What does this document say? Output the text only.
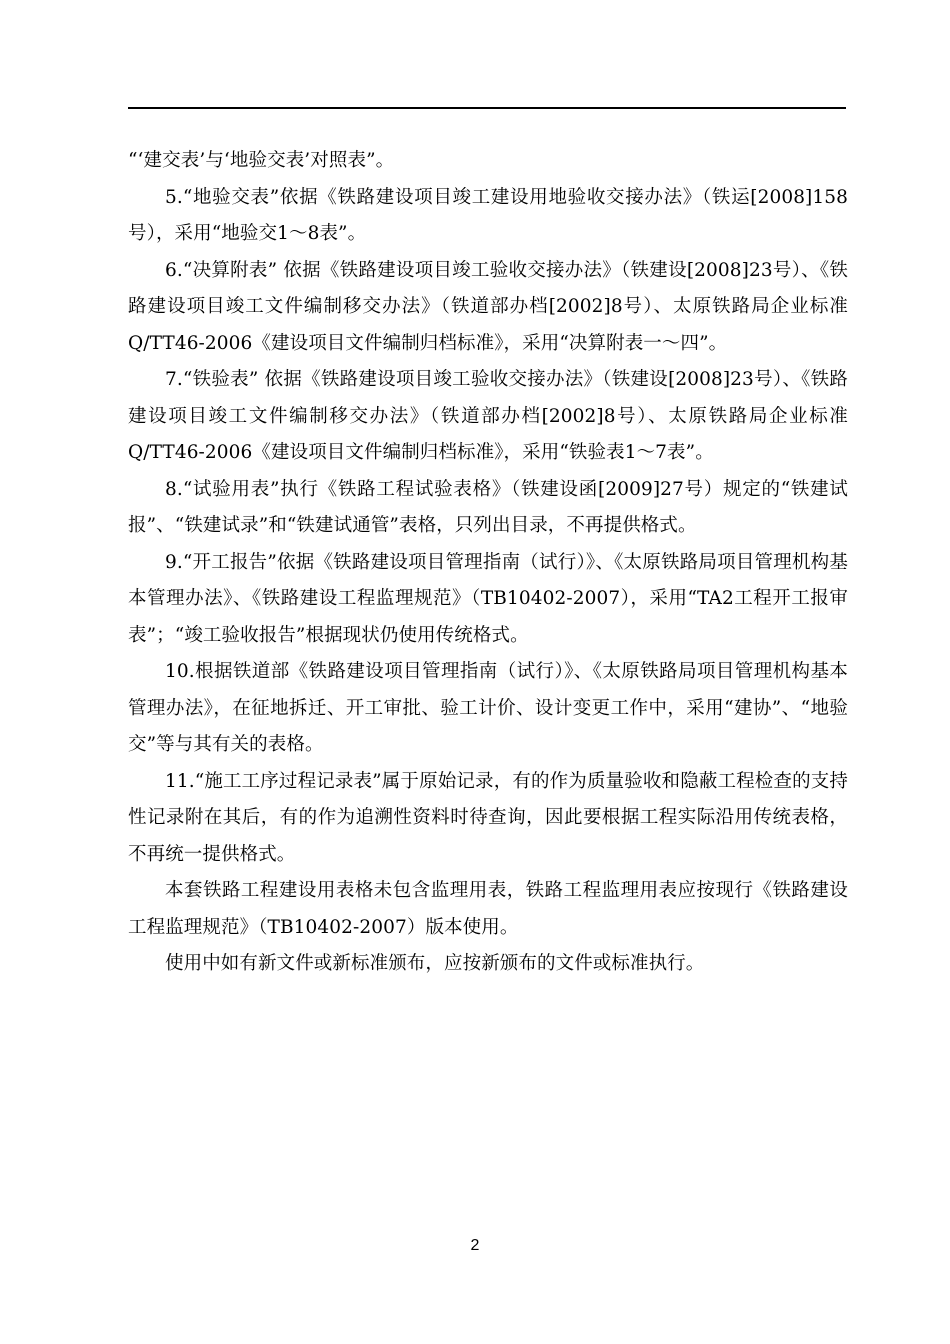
“‘建交表’与‘地验交表’对照表”。

5.“地验交表”依据《铁路建设项目竣工建设用地验收交接办法》（铁运[2008]158号），采用“地验交1～8表”。

6.“决算附表” 依据《铁路建设项目竣工验收交接办法》（铁建设[2008]23号）、《铁路建设项目竣工文件编制移交办法》（铁道部办档[2002]8号）、太原铁路局企业标准Q/TT46-2006《建设项目文件编制归档标准》，采用“决算附表一～四”。

7.“铁验表” 依据《铁路建设项目竣工验收交接办法》（铁建设[2008]23号）、《铁路建设项目竣工文件编制移交办法》（铁道部办档[2002]8号）、太原铁路局企业标准Q/TT46-2006《建设项目文件编制归档标准》，采用“铁验表1～7表”。

8.“试验用表”执行《铁路工程试验表格》（铁建设函[2009]27号）规定的“铁建试报”、“铁建试录”和“铁建试通管”表格，只列出目录，不再提供格式。

9.“开工报告”依据《铁路建设项目管理指南（试行）》、《太原铁路局项目管理机构基本管理办法》、《铁路建设工程监理规范》（TB10402-2007），采用“TA2工程开工报审表”；“竣工验收报告”根据现状仍使用传统格式。

10.根据铁道部《铁路建设项目管理指南（试行）》、《太原铁路局项目管理机构基本管理办法》，在征地拆迁、开工审批、验工计价、设计变更工作中，采用“建协”、“地验交”等与其有关的表格。

11.“施工工序过程记录表”属于原始记录，有的作为质量验收和隐蔽工程检查的支持性记录附在其后，有的作为追溯性资料时待查询，因此要根据工程实际沿用传统表格，不再统一提供格式。

本套铁路工程建设用表格未包含监理用表，铁路工程监理用表应按现行《铁路建设工程监理规范》（TB10402-2007）版本使用。

使用中如有新文件或新标准颁布，应按新颁布的文件或标准执行。

2
